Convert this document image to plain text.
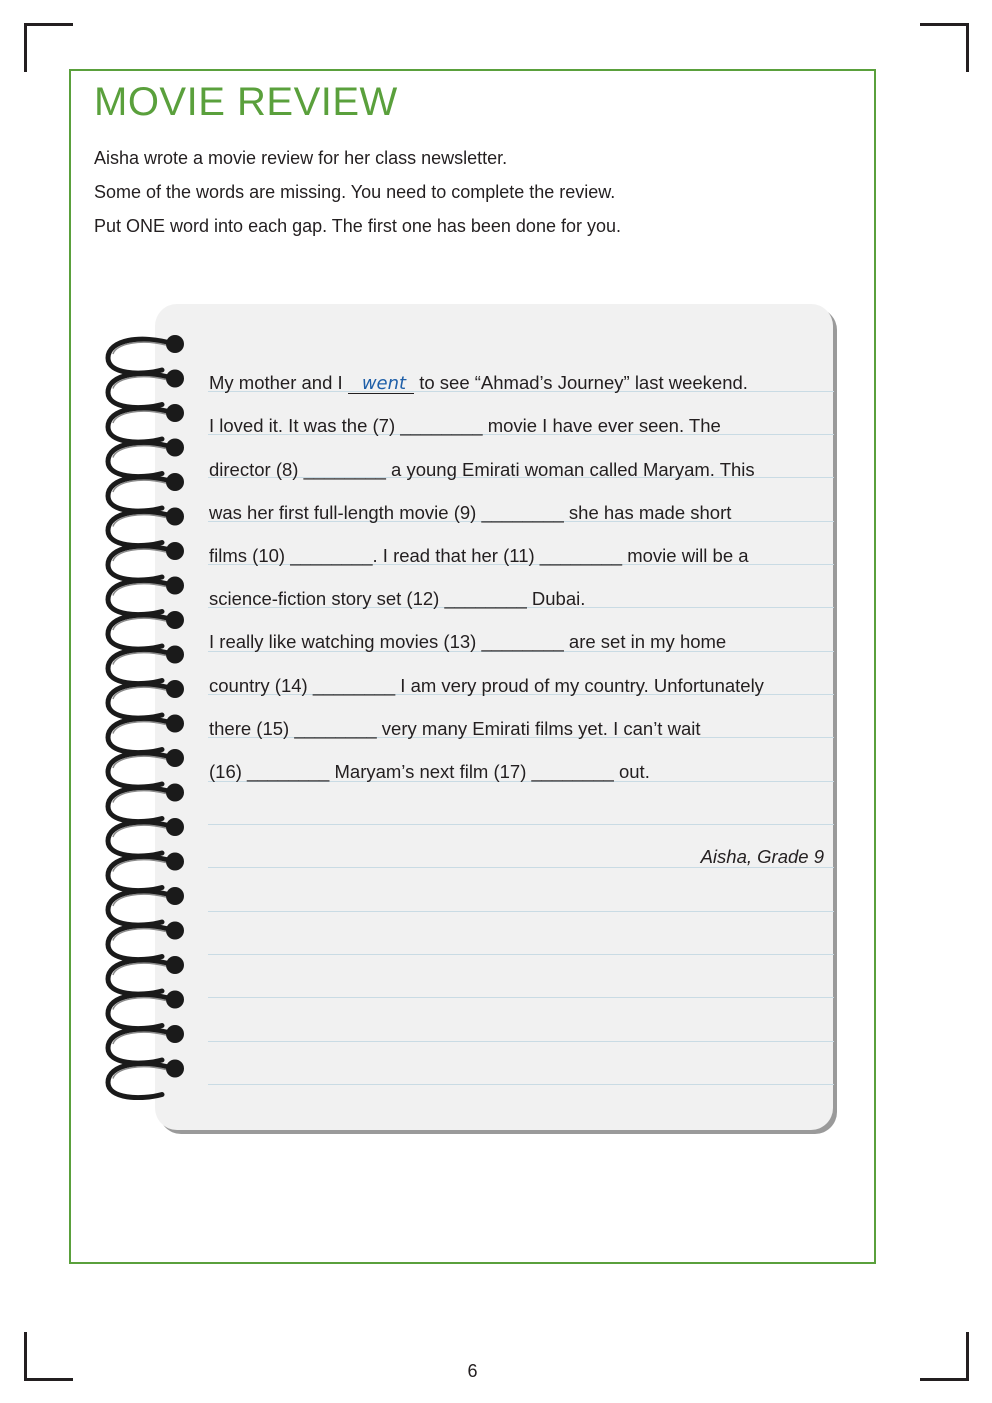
MOVIE REVIEW

Aisha wrote a movie review for her class newsletter.

Some of the words are missing. You need to complete the review.

Put ONE word into each gap. The first one has been done for you.

My mother and I went to see “Ahmad’s Journey” last weekend.

I loved it. It was the (7) ________ movie I have ever seen. The

director (8) ________ a young Emirati woman called Maryam. This

was her first full-length movie (9) ________ she has made short

films (10) ________. I read that her (11) ________ movie will be a

science-fiction story set (12) ________ Dubai.

I really like watching movies (13) ________ are set in my home

country (14) ________ I am very proud of my country. Unfortunately

there (15) ________ very many Emirati films yet. I can’t wait

(16) ________ Maryam’s next film (17) ________ out.

Aisha, Grade 9

6
